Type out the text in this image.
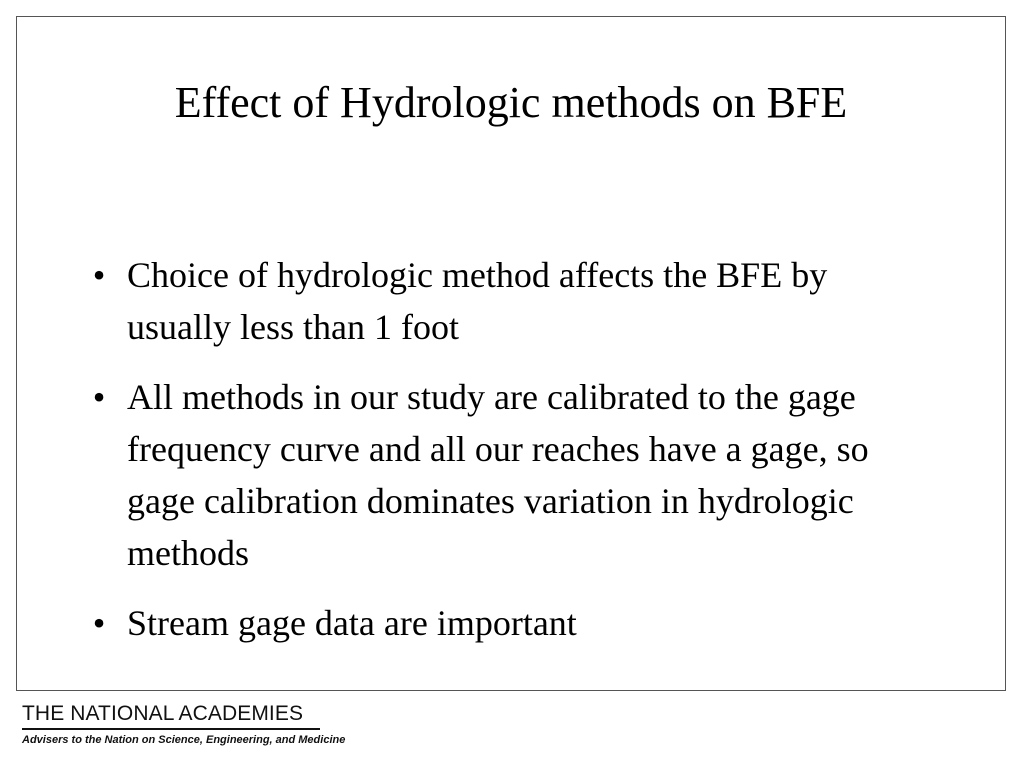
Effect of Hydrologic methods on BFE
• Choice of hydrologic method affects the BFE by usually less than 1 foot
• All methods in our study are calibrated to the gage frequency curve and all our reaches have a gage, so gage calibration dominates variation in hydrologic methods
• Stream gage data are important
THE NATIONAL ACADEMIES
Advisers to the Nation on Science, Engineering, and Medicine
